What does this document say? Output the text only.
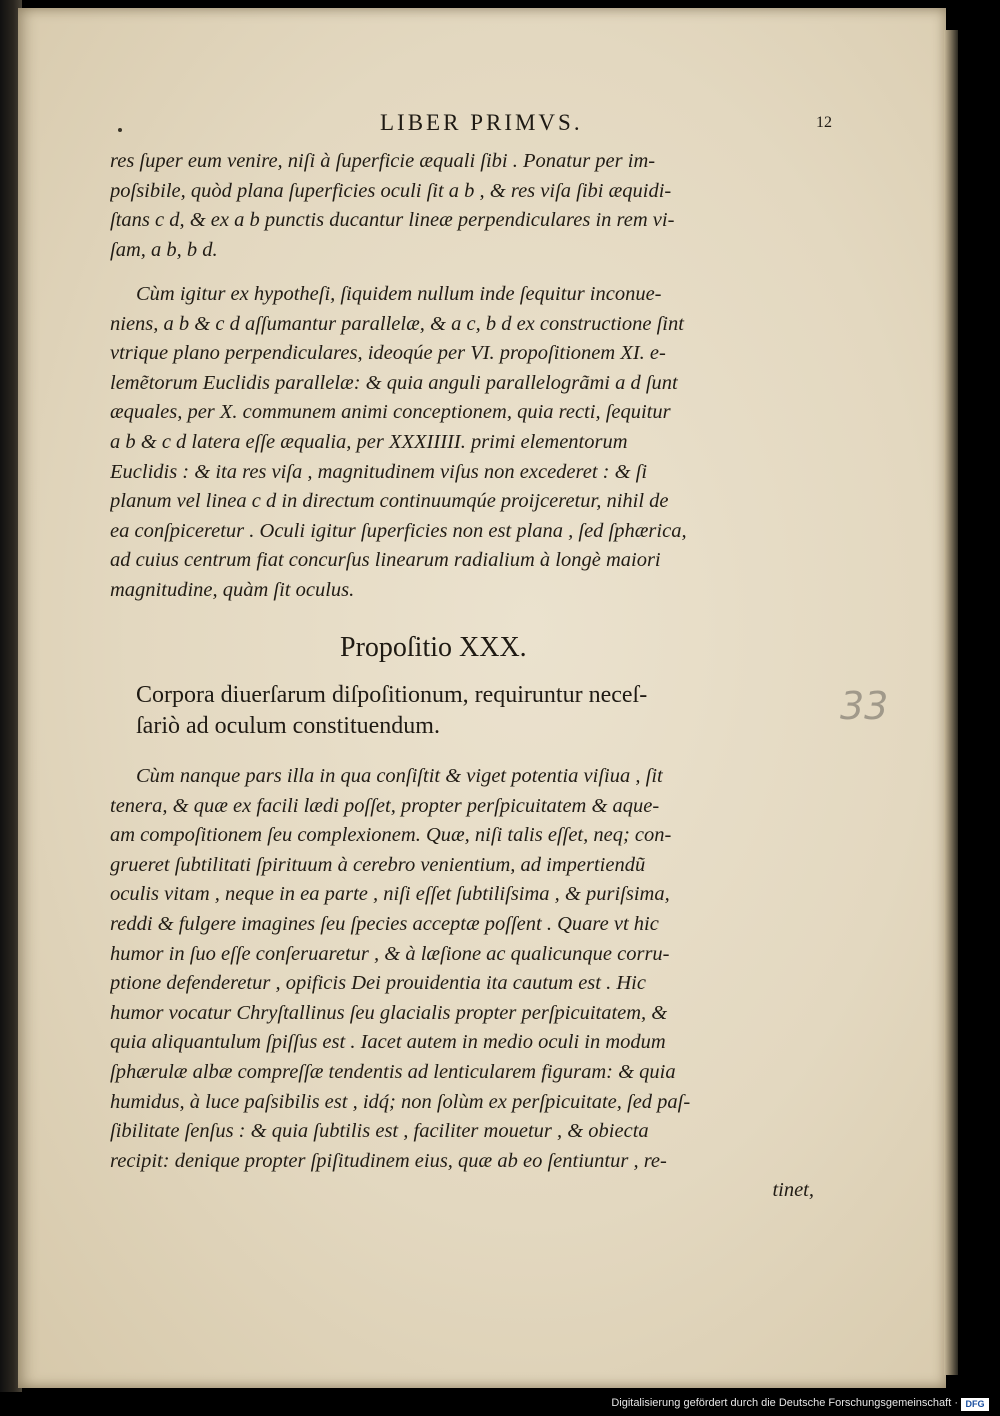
LIBER PRIMVS.	12
res ſuper eum venire, niſi à ſuperficie æquali ſibi . Ponatur per im-
poſsibile, quòd plana ſuperficies oculi ſit a b , & res viſa ſibi æquidi-
ſtans c d, & ex a b punctis ducantur lineæ perpendiculares in rem vi-
ſam, a b, b d.
Cùm igitur ex hypotheſi, ſiquidem nullum inde ſequitur inconue-
niens, a b & c d aſſumantur parallelæ, & a c, b d ex constructione ſint
vtrique plano perpendiculares, ideoqúe per VI. propoſitionem XI. e-
lemẽtorum Euclidis parallelæ: & quia anguli parallelogrãmi a d ſunt
æquales, per X. communem animi conceptionem, quia recti, ſequitur
a b & c d latera eſſe æqualia, per XXXIIIII. primi elementorum
Euclidis : & ita res viſa , magnitudinem viſus non excederet : & ſi
planum vel linea c d in directum continuumqúe proijceretur, nihil de
ea conſpiceretur . Oculi igitur ſuperficies non est plana , ſed ſphærica,
ad cuius centrum fiat concurſus linearum radialium à longè maiori
magnitudine, quàm ſit oculus.
Propoſitio XXX.
Corpora diuerſarum diſpoſitionum, requiruntur neceſ-
ſariò ad oculum constituendum.	33
Cùm nanque pars illa in qua conſiſtit & viget potentia viſiua , ſit
tenera, & quæ ex facili lædi poſſet, propter perſpicuitatem & aque-
am compoſitionem ſeu complexionem. Quæ, niſi talis eſſet, neq; con-
grueret ſubtilitati ſpirituum à cerebro venientium, ad impertiendũ
oculis vitam , neque in ea parte , niſi eſſet ſubtiliſsima , & puriſsima,
reddi & fulgere imagines ſeu ſpecies acceptæ poſſent . Quare vt hic
humor in ſuo eſſe conſeruaretur , & à læſione ac qualicunque corru-
ptione defenderetur , opificis Dei prouidentia ita cautum est . Hic
humor vocatur Chryſtallinus ſeu glacialis propter perſpicuitatem, &
quia aliquantulum ſpiſſus est . Iacet autem in medio oculi in modum
ſphærulæ albæ compreſſæ tendentis ad lenticularem figuram: & quia
humidus, à luce paſsibilis est , idq́; non ſolùm ex perſpicuitate, ſed paſ-
ſibilitate ſenſus : & quia ſubtilis est , faciliter mouetur , & obiecta
recipit: denique propter ſpiſitudinem eius, quæ ab eo ſentiuntur , re-
tinet,
Digitalisierung gefördert durch die Deutsche Forschungsgemeinschaft · DFG
